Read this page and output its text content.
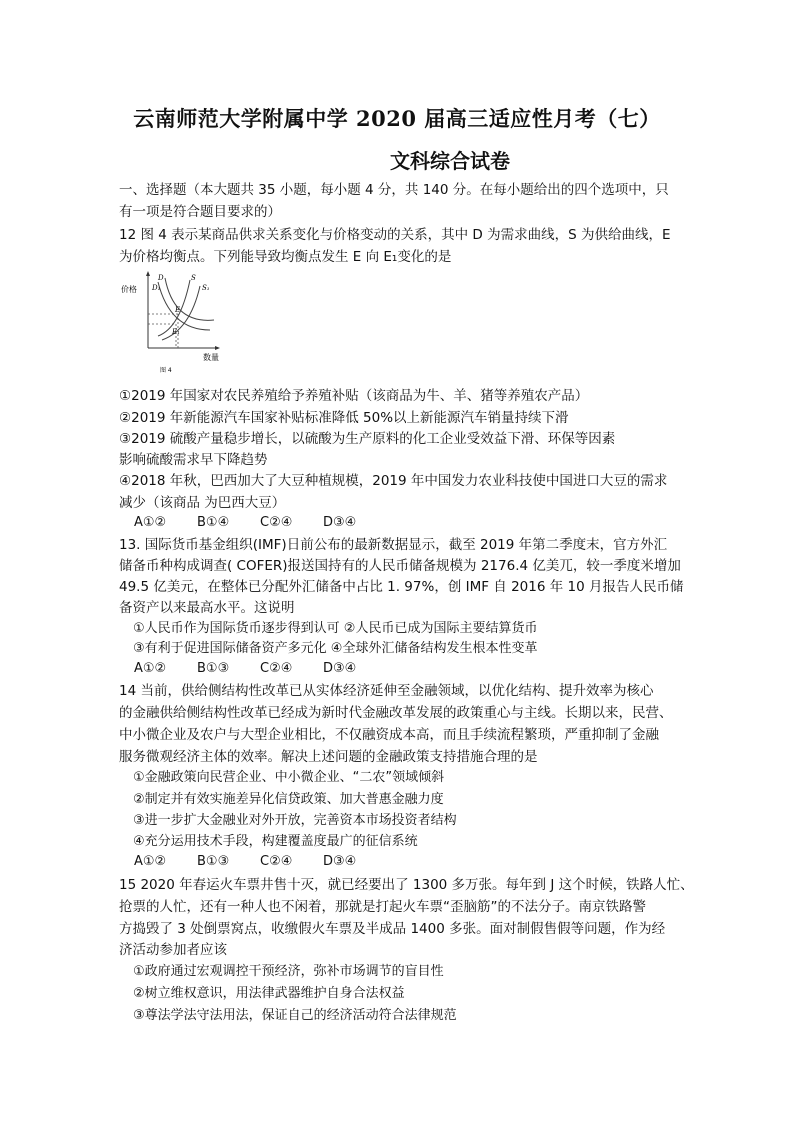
云南师范大学附属中学 2020 届高三适应性月考（七）
文科综合试卷
一、选择题（本大题共 35 小题，每小题 4 分，共 140 分。在每小题给出的四个选项中，只
有一项是符合题目要求的）
12 图 4 表示某商品供求关系变化与价格变动的关系，其中 D 为需求曲线，S 为供给曲线，E
为价格均衡点。下列能导致均衡点发生 E 向 E₁变化的是
价格
数量
D
D₁
S
S₁
E
E₁
图 4
①2019 年国家对农民养殖给予养殖补贴（该商品为牛、羊、猪等养殖农产品）
②2019 年新能源汽车国家补贴标准降低 50%以上新能源汽车销量持续下滑
③2019 硫酸产量稳步增长，以硫酸为生产原料的化工企业受效益下滑、环保等因素
影响硫酸需求早下降趋势
④2018 年秋，巴西加大了大豆种植规模，2019 年中国发力农业科技使中国进口大豆的需求
减少（该商品 为巴西大豆）
A①② B①④ C②④ D③④
13. 国际货币基金组织(IMF)日前公布的最新数据显示，截至 2019 年第二季度末，官方外汇
储备币种构成调查( COFER)报送国持有的人民币储备规模为 2176.4 亿美兀，较一季度米增加
49.5 亿美元，在整体已分配外汇储备中占比 1. 97%，创 IMF 自 2016 年 10 月报告人民币储
备资产以来最高水平。这说明
①人民币作为国际货币逐步得到认可 ②人民币已成为国际主要结算货币
③有利于促进国际储备资产多元化 ④全球外汇储备结构发生根本性变革
A①② B①③ C②④ D③④
14 当前，供给侧结构性改革已从实体经济延伸至金融领域，以优化结构、提升效率为核心
的金融供给侧结构性改革已经成为新时代金融改革发展的政策重心与主线。长期以来，民营、
中小微企业及农户与大型企业相比，不仅融资成本高，而且手续流程繁琐，严重抑制了金融
服务微观经济主体的效率。解决上述问题的金融政策支持措施合理的是
①金融政策向民营企业、中小微企业、“二农”领域倾斜
②制定并有效实施差异化信贷政策、加大普惠金融力度
③进一步扩大金融业对外开放，完善资本市场投资者结构
④充分运用技术手段，构建覆盖度最广的征信系统
A①② B①③ C②④ D③④
15 2020 年春运火车票井售十灭，就已经要出了 1300 多万张。每年到 J 这个时候，铁路人忙、
抢票的人忙，还有一种人也不闲着，那就是打起火车票“歪脑筋”的不法分子。南京铁路警
方捣毁了 3 处倒票窝点，收缴假火车票及半成品 1400 多张。面对制假售假等问题，作为经
济活动参加者应该
①政府通过宏观调控干预经济，弥补市场调节的盲目性
②树立维权意识，用法律武器维护自身合法权益
③尊法学法守法用法，保证自己的经济活动符合法律规范
